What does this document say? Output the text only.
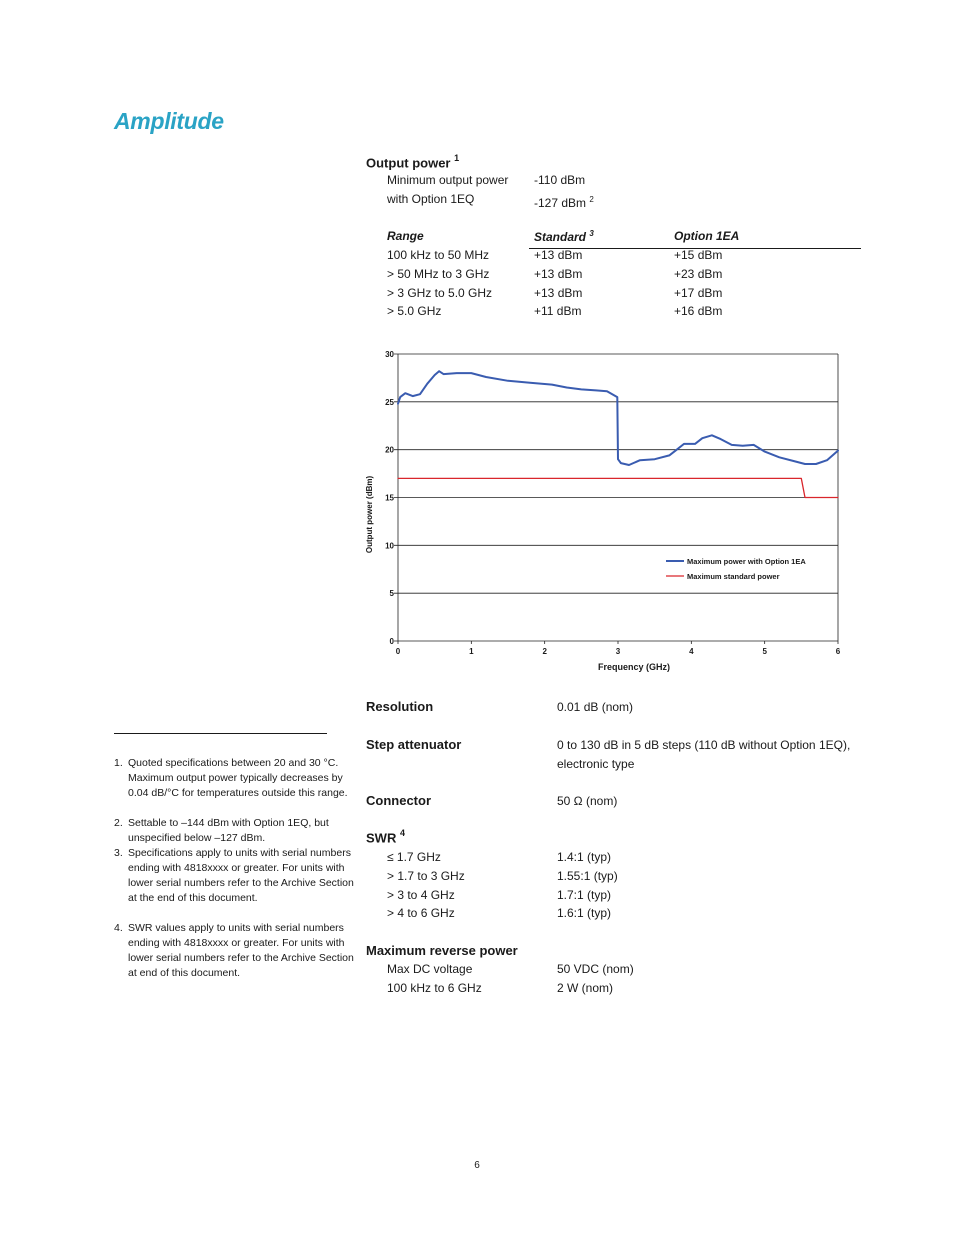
Amplitude
Output power $^1$
Minimum output power -110 dBm
with Option 1EQ	-127 dBm $^2$
Range	Standard $^3$	Option 1EA
100 kHz to 50 MHz	+13 dBm	+15 dBm
> 50 MHz to 3 GHz	+13 dBm	+23 dBm
> 3 GHz to 5.0 GHz	+13 dBm	+17 dBm
> 5.0 GHz	+11 dBm	+16 dBm
0
5
10
15
20
25
30
0	1	2	3	4	5	6
Frequency (GHz)
Output power (dBm)
Maximum power with Option 1EA
Maximum standard power
Resolution	0.01 dB (nom)
Step attenuator	0 to 130 dB in 5 dB steps (110 dB without Option 1EQ),
electronic type
Connector	50 Ω (nom)
SWR $^4$
≤ 1.7 GHz	1.4:1 (typ)
> 1.7 to 3 GHz	1.55:1 (typ)
> 3 to 4 GHz	1.7:1 (typ)
> 4 to 6 GHz	1.6:1 (typ)
Maximum reverse power
Max DC voltage	50 VDC (nom)
100 kHz to 6 GHz	2 W (nom)
1. Quoted specifications between 20 and 30 °C. Maximum output power typically decreases by 0.04 dB/°C for temperatures outside this range.
2. Settable to –144 dBm with Option 1EQ, but unspecified below –127 dBm.
3. Specifications apply to units with serial numbers ending with 4818xxxx or greater. For units with lower serial numbers refer to the Archive Section at the end of this document.
4. SWR values apply to units with serial numbers ending with 4818xxxx or greater. For units with lower serial numbers refer to the Archive Section at end of this document.
6
